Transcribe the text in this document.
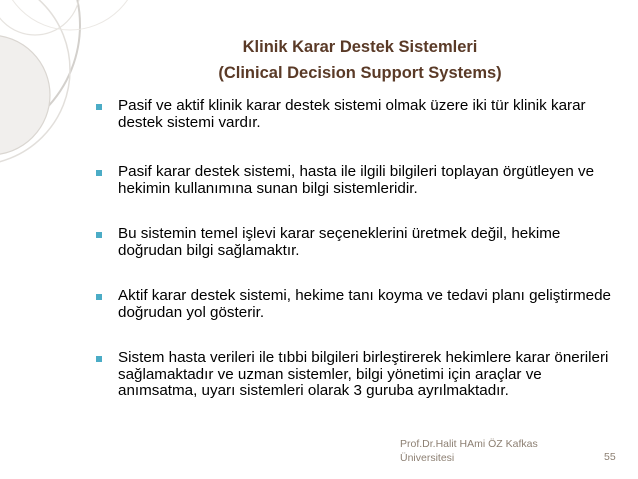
Klinik Karar Destek Sistemleri
(Clinical Decision Support Systems)
Pasif ve aktif klinik karar destek sistemi olmak üzere iki tür klinik karar destek sistemi vardır.
Pasif karar destek sistemi, hasta ile ilgili bilgileri toplayan örgütleyen ve hekimin kullanımına sunan bilgi sistemleridir.
Bu sistemin temel işlevi karar seçeneklerini üretmek değil, hekime doğrudan bilgi sağlamaktır.
Aktif karar destek sistemi, hekime tanı koyma ve tedavi planı geliştirmede doğrudan yol gösterir.
Sistem hasta verileri ile tıbbi bilgileri birleştirerek hekimlere karar önerileri sağlamaktadır ve uzman sistemler, bilgi yönetimi için araçlar ve anımsatma, uyarı sistemleri olarak 3 guruba ayrılmaktadır.
Prof.Dr.Halit HAmi ÖZ Kafkas Üniversitesi	55
